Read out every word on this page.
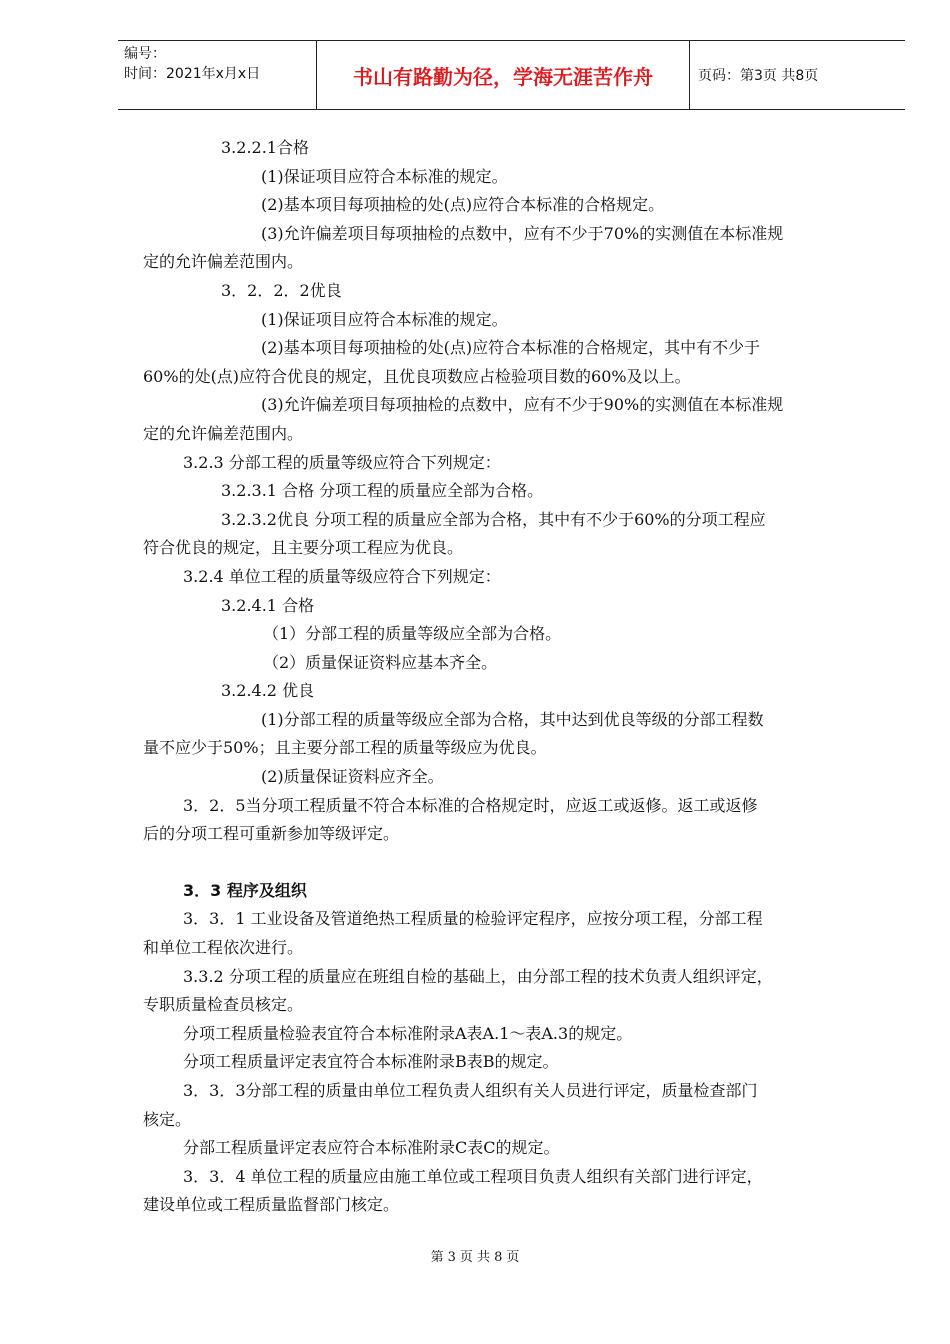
编号：
时间：2021年x月x日	书山有路勤为径，学海无涯苦作舟	页码：第3页 共8页

3.2.2.1合格

(1)保证项目应符合本标准的规定。

(2)基本项目每项抽检的处(点)应符合本标准的合格规定。

(3)允许偏差项目每项抽检的点数中，应有不少于70%的实测值在本标准规

定的允许偏差范围内。

3．2．2．2优良

(1)保证项目应符合本标准的规定。

(2)基本项目每项抽检的处(点)应符合本标准的合格规定，其中有不少于

60%的处(点)应符合优良的规定，且优良项数应占检验项目数的60%及以上。

(3)允许偏差项目每项抽检的点数中，应有不少于90%的实测值在本标准规

定的允许偏差范围内。

3.2.3 分部工程的质量等级应符合下列规定：

3.2.3.1 合格 分项工程的质量应全部为合格。

3.2.3.2优良 分项工程的质量应全部为合格，其中有不少于60%的分项工程应

符合优良的规定，且主要分项工程应为优良。

3.2.4 单位工程的质量等级应符合下列规定：

3.2.4.1 合格

（1）分部工程的质量等级应全部为合格。

（2）质量保证资料应基本齐全。

3.2.4.2 优良

(1)分部工程的质量等级应全部为合格，其中达到优良等级的分部工程数

量不应少于50%；且主要分部工程的质量等级应为优良。

(2)质量保证资料应齐全。

3．2．5当分项工程质量不符合本标准的合格规定时，应返工或返修。返工或返修

后的分项工程可重新参加等级评定。

3．3 程序及组织

3．3．1 工业设备及管道绝热工程质量的检验评定程序，应按分项工程，分部工程

和单位工程依次进行。

3.3.2 分项工程的质量应在班组自检的基础上，由分部工程的技术负责人组织评定，

专职质量检查员核定。

分项工程质量检验表宜符合本标准附录A表A.1～表A.3的规定。

分项工程质量评定表宜符合本标准附录B表B的规定。

3．3．3分部工程的质量由单位工程负责人组织有关人员进行评定，质量检查部门

核定。

分部工程质量评定表应符合本标准附录C表C的规定。

3．3．4 单位工程的质量应由施工单位或工程项目负责人组织有关部门进行评定，

建设单位或工程质量监督部门核定。

第 3 页 共 8 页
